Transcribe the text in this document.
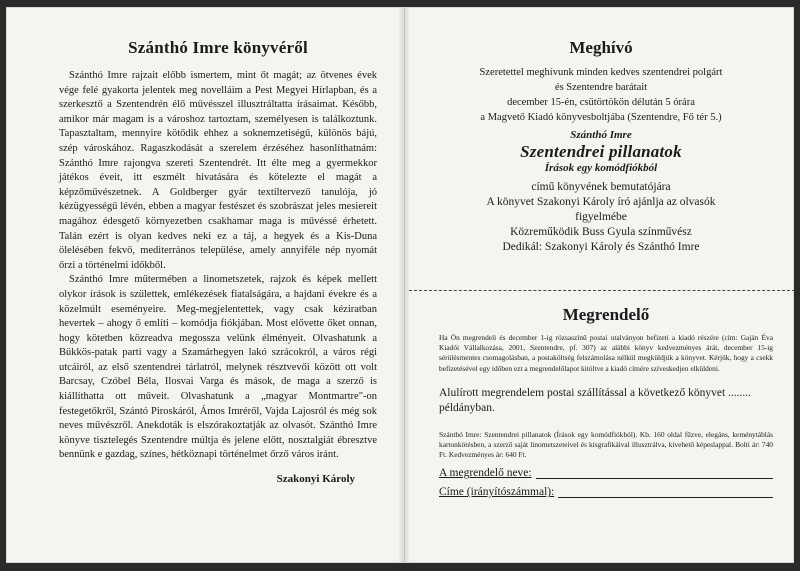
Szánthó Imre könyvéről

Szánthó Imre rajzait előbb ismertem, mint őt magát; az ötvenes évek vége felé gyakorta jelentek meg novelláim a Pest Megyei Hírlapban, és a szerkesztő a Szentendrén élő művésszel illusztráltatta írásaimat. Később, amikor már magam is a városhoz tartoztam, személyesen is találkoztunk. Tapasztaltam, mennyire kötődik ehhez a soknemzetiségű, különös bájú, szép városkához. Ragaszkodását a szerelem érzéséhez hasonlíthatnám: Szánthó Imre rajongva szereti Szentendrét. Itt élte meg a gyermekkor játékos éveit, itt eszmélt hivatására és kötelezte el magát a képzőművészetnek. A Goldberger gyár textiltervező tanulója, jó kézügyességű lévén, ebben a magyar festészet és szobrászat jeles mesiereit magához édesgető környezetben csakhamar maga is művéssé érhetett. Talán ezért is olyan kedves neki ez a táj, a hegyek és a Kis-Duna ölelésében fekvő, mediterrános települése, amely annyiféle nép nyomát őrzi a történelmi időkből.

Szánthó Imre műtermében a linometszetek, rajzok és képek mellett olykor írások is születtek, emlékezések fiatalságára, a hajdani évekre és a közelmúlt eseményeire. Meg-megjelentettek, vagy csak kéziratban hevertek – ahogy ő említi – komódja fiókjában. Most elővette őket onnan, hogy kötetben közreadva megossza velünk élményeit. Olvashatunk a Bükkös-patak parti vagy a Szamárhegyen lakó szrácokról, a város régi utcáiról, az első szentendrei tárlatról, melynek résztvevői között ott volt Barcsay, Czóbel Béla, Ilosvai Varga és mások, de maga a szerző is kiállíthatta ott műveit. Olvashatunk a „magyar Montmartre"-on festegetőkről, Szántó Piroskáról, Ámos Imréről, Vajda Lajosról és még sok neves művészről. Anekdoták is elszórakoztatják az olvasót. Szánthó Imre könyve tisztelegés Szentendre múltja és jelene előtt, nosztalgiát ébresztve bennünk e gazdag, színes, hétköznapi történelmet őrző város iránt.

Szakonyi Károly
Meghívó
Szeretettel meghívunk minden kedves szentendrei polgárt
és Szentendre barátait
december 15-én, csütörtökön délután 5 órára
a Magvető Kiadó könyvesboltjába (Szentendre, Fő tér 5.)
Szánthó Imre
Szentendrei pillanatok
Írások egy komódfiókból
című könyvének bemutatójára
A könyvet Szakonyi Károly író ajánlja az olvasók
figyelmébe
Közreműködik Buss Gyula színművész
Dedikál: Szakonyi Károly és Szánthó Imre
Megrendelő
Ha Ön megrendeli és december 1-ig rózsaszínű postai utalványon befizeti a kiadó részére (cím: Gaján Éva Kiadói Vállalkozása, 2001, Szentendre, pf. 307) az alábbi könyv kedvezményes árát, december 15-ig sérülésmentes csomagolásban, a postaköltség felszámolása nélkül megküldjük a könyvet. Kérjük, hogy a csekk befizetésével egy időben ezt a megrendelőlapot kitöltve a kiadó címére szíveskedjen elküldeni.
Alulírott megrendelem postai szállítással a következő könyvet ........ példányban.
Szánthó Imre: Szentendrei pillanatok (Írások egy komódfiókból). Kb. 160 oldal fűzve, elegáns, keménytáblás kartonkötésben, a szerző saját linometszeteivel és kisgrafikáival illusztrálva, kivehető képeslappal. Bolti ár: 740 Ft. Kedvezményes ár: 640 Ft.
A megrendelő neve:
Címe (irányítószámmal):
